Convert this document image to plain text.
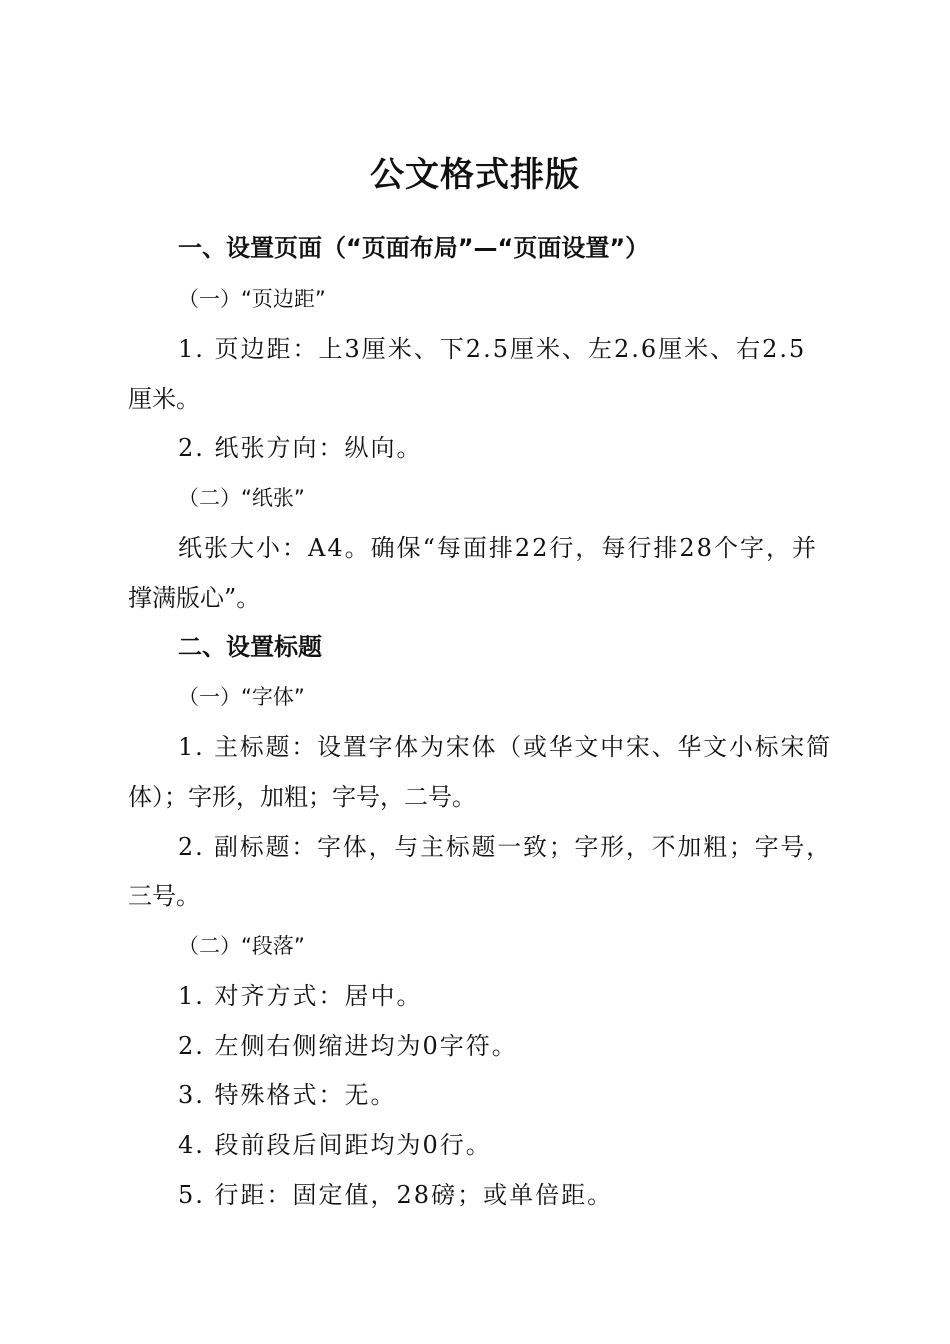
公文格式排版
一、设置页面（“页面布局”—“页面设置”）
（一）“页边距”
1. 页边距：上3厘米、下2.5厘米、左2.6厘米、右2.5
厘米。
2. 纸张方向：纵向。
（二）“纸张”
纸张大小：A4。确保“每面排22行，每行排28个字，并
撑满版心”。
二、设置标题
（一）“字体”
1. 主标题：设置字体为宋体（或华文中宋、华文小标宋简
体）；字形，加粗；字号，二号。
2. 副标题：字体，与主标题一致；字形，不加粗；字号，
三号。
（二）“段落”
1. 对齐方式：居中。
2. 左侧右侧缩进均为0字符。
3. 特殊格式：无。
4. 段前段后间距均为0行。
5. 行距：固定值，28磅；或单倍距。
